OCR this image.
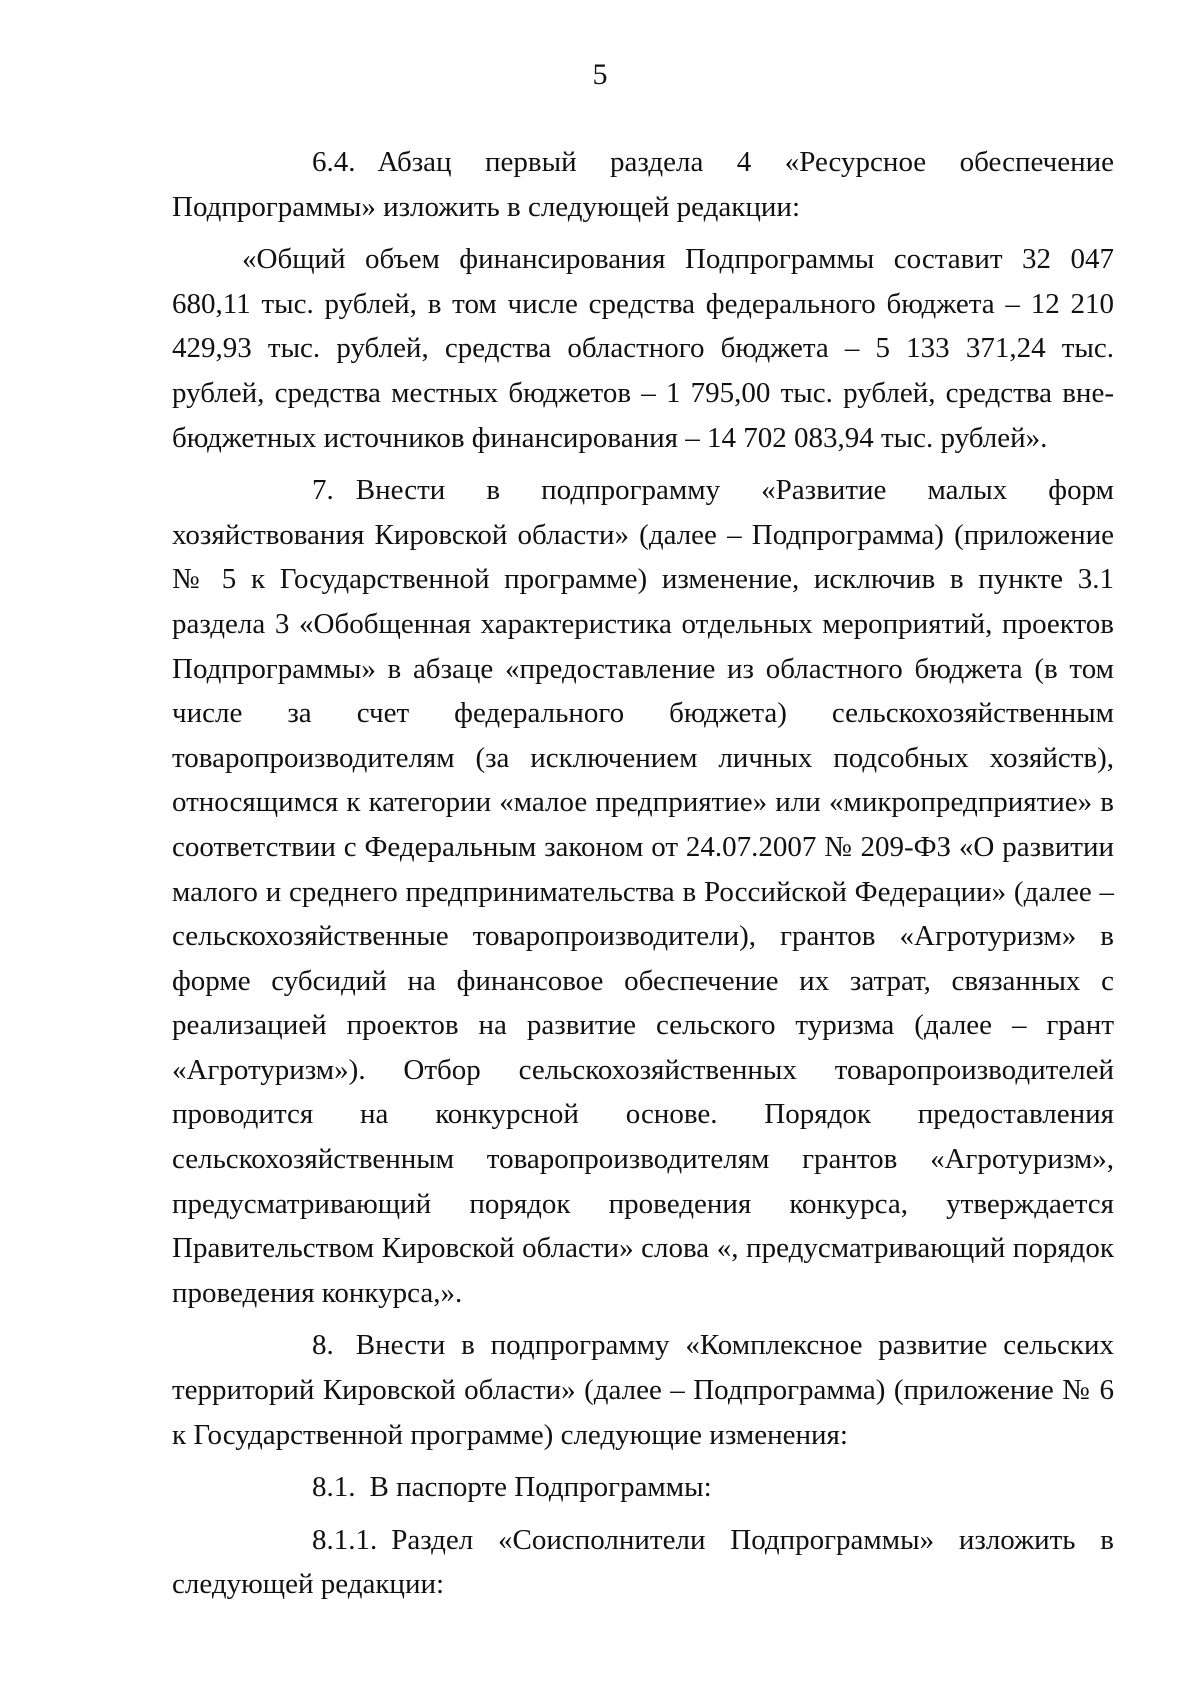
5

6.4. Абзац первый раздела 4 «Ресурсное обеспечение Подпрограммы» изложить в следующей редакции:

«Общий объем финансирования Подпрограммы составит 32 047 680,11 тыс. рублей, в том числе средства федерального бюджета – 12 210 429,93 тыс. рублей, средства областного бюджета – 5 133 371,24 тыс. рублей, средства местных бюджетов – 1 795,00 тыс. рублей, средства внебюджетных источников финансирования – 14 702 083,94 тыс. рублей».

7. Внести в подпрограмму «Развитие малых форм хозяйствования Кировской области» (далее – Подпрограмма) (приложение № 5 к Государственной программе) изменение, исключив в пункте 3.1 раздела 3 «Обобщенная характеристика отдельных мероприятий, проектов Подпрограммы» в абзаце «предоставление из областного бюджета (в том числе за счет федерального бюджета) сельскохозяйственным товаропроизводителям (за исключением личных подсобных хозяйств), относящимся к категории «малое предприятие» или «микропредприятие» в соответствии с Федеральным законом от 24.07.2007 № 209-ФЗ «О развитии малого и среднего предпринимательства в Российской Федерации» (далее – сельскохозяйственные товаропроизводители), грантов «Агротуризм» в форме субсидий на финансовое обеспечение их затрат, связанных с реализацией проектов на развитие сельского туризма (далее – грант «Агротуризм»). Отбор сельскохозяйственных товаропроизводителей проводится на конкурсной основе. Порядок предоставления сельскохозяйственным товаропроизводителям грантов «Агротуризм», предусматривающий порядок проведения конкурса, утверждается Правительством Кировской области» слова «, предусматривающий порядок проведения конкурса,».

8. Внести в подпрограмму «Комплексное развитие сельских территорий Кировской области» (далее – Подпрограмма) (приложение № 6 к Государственной программе) следующие изменения:

8.1. В паспорте Подпрограммы:

8.1.1. Раздел «Соисполнители Подпрограммы» изложить в следующей редакции:
